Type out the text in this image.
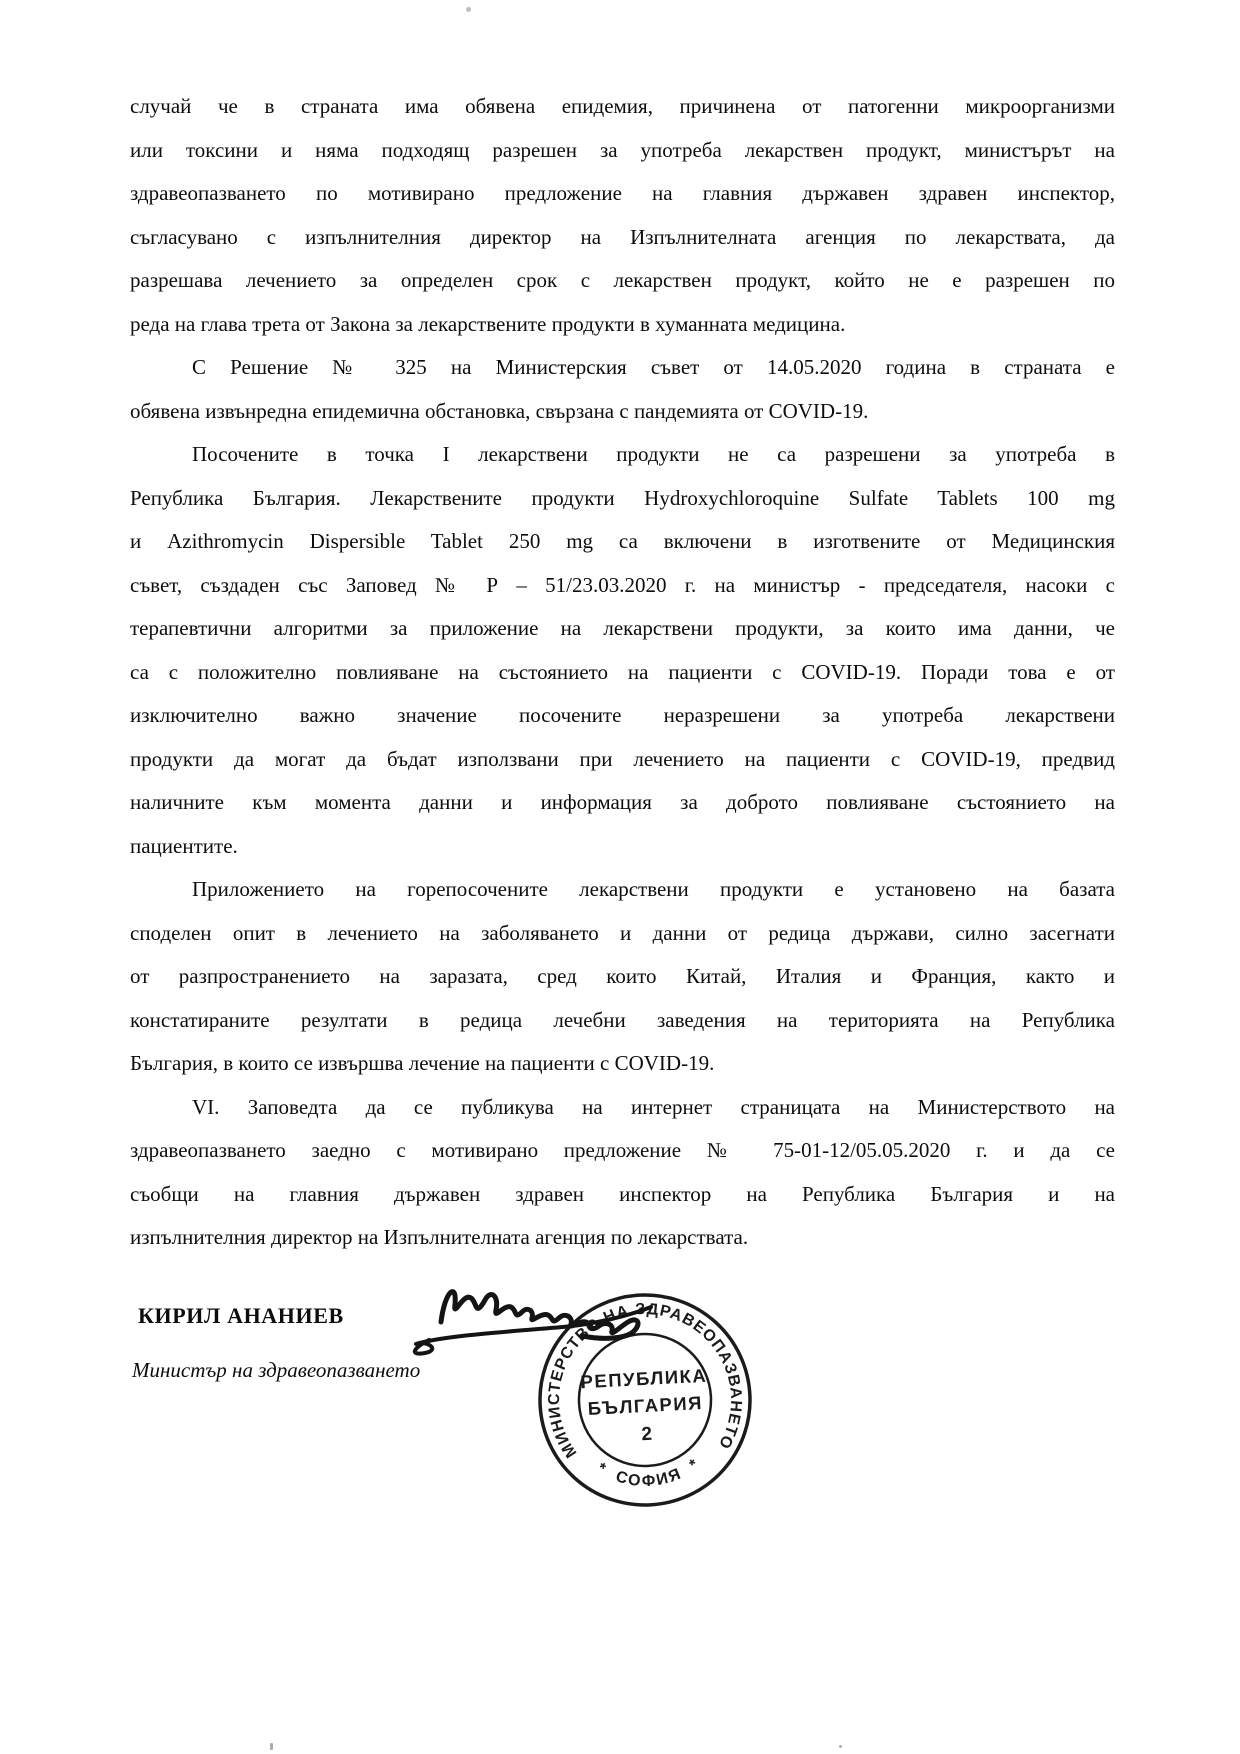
случай че в страната има обявена епидемия, причинена от патогенни микроорганизми
или токсини и няма подходящ разрешен за употреба лекарствен продукт, министърът на
здравеопазването по мотивирано предложение на главния държавен здравен инспектор,
съгласувано с изпълнителния директор на Изпълнителната агенция по лекарствата, да
разрешава лечението за определен срок с лекарствен продукт, който не е разрешен по
реда на глава трета от Закона за лекарствените продукти в хуманната медицина.
С Решение № 325 на Министерския съвет от 14.05.2020 година в страната е
обявена извънредна епидемична обстановка, свързана с пандемията от COVID-19.
Посочените в точка I лекарствени продукти не са разрешени за употреба в
Република България. Лекарствените продукти Hydroxychloroquine Sulfate Tablets 100 mg
и Azithromycin Dispersible Tablet 250 mg са включени в изготвените от Медицинския
съвет, създаден със Заповед № Р – 51/23.03.2020 г. на министър - председателя, насоки с
терапевтични алгоритми за приложение на лекарствени продукти, за които има данни, че
са с положително повлияване на състоянието на пациенти с COVID-19. Поради това е от
изключително важно значение посочените неразрешени за употреба лекарствени
продукти да могат да бъдат използвани при лечението на пациенти с COVID-19, предвид
наличните към момента данни и информация за доброто повлияване състоянието на
пациентите.
Приложението на горепосочените лекарствени продукти е установено на базата
споделен опит в лечението на заболяването и данни от редица държави, силно засегнати
от разпространението на заразата, сред които Китай, Италия и Франция, както и
констатираните резултати в редица лечебни заведения на територията на Република
България, в които се извършва лечение на пациенти с COVID-19.
VI. Заповедта да се публикува на интернет страницата на Министерството на
здравеопазването заедно с мотивирано предложение № 75-01-12/05.05.2020 г. и да се
съобщи на главния държавен здравен инспектор на Република България и на
изпълнителния директор на Изпълнителната агенция по лекарствата.
КИРИЛ АНАНИЕВ
Министър на здравеопазването
МИНИСТЕРСТВО НА ЗДРАВЕОПАЗВАНЕТО
*  СОФИЯ  *
РЕПУБЛИКА
БЪЛГАРИЯ
2
